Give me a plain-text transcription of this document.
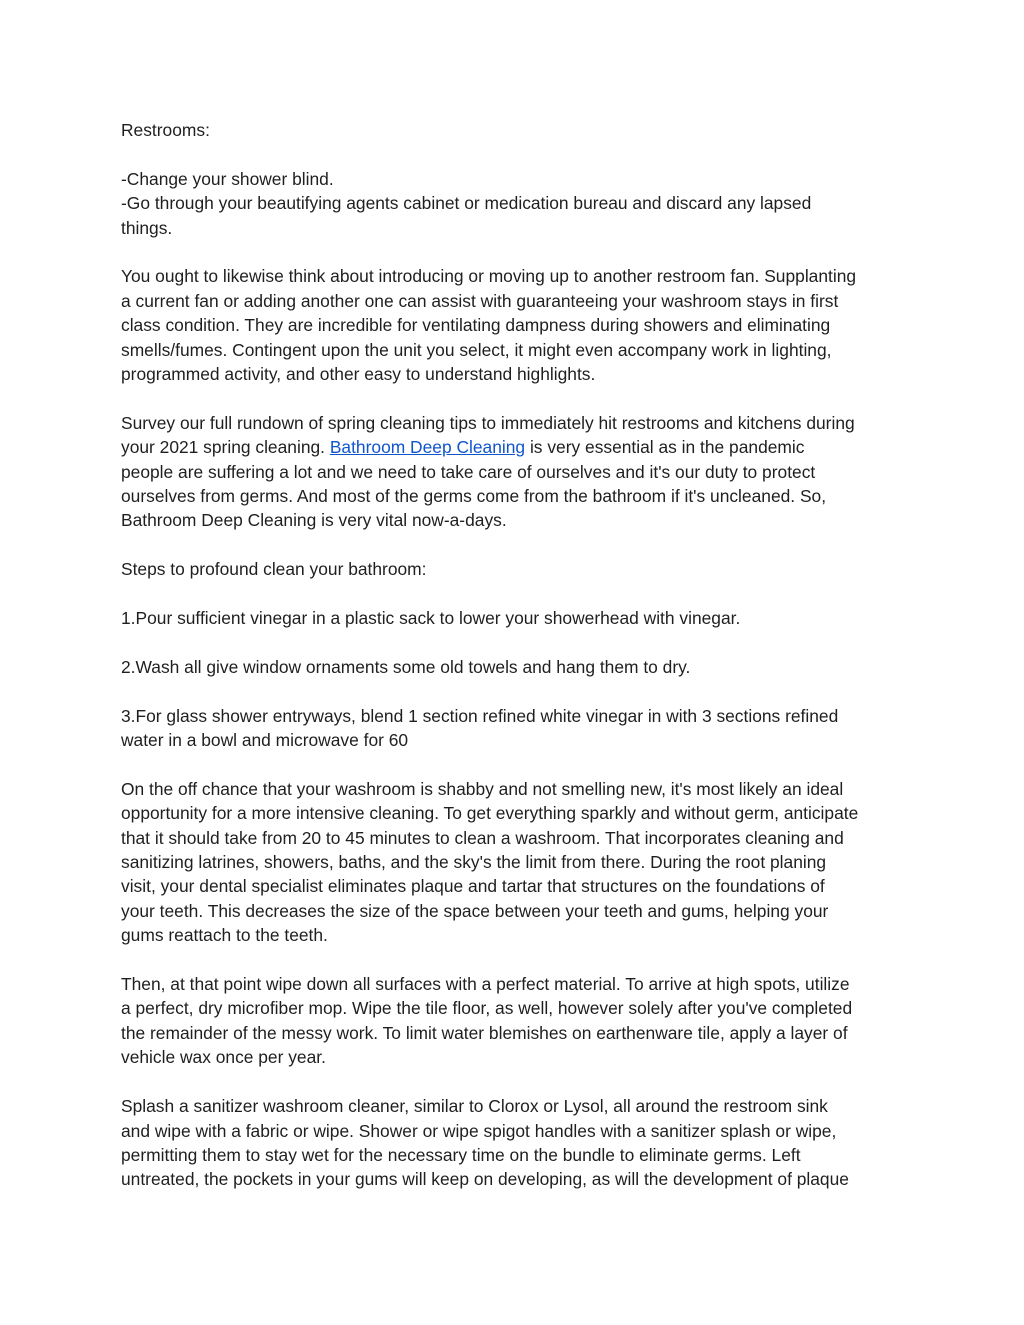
Restrooms:

-Change your shower blind.
-Go through your beautifying agents cabinet or medication bureau and discard any lapsed
things.

You ought to likewise think about introducing or moving up to another restroom fan. Supplanting
a current fan or adding another one can assist with guaranteeing your washroom stays in first
class condition. They are incredible for ventilating dampness during showers and eliminating
smells/fumes. Contingent upon the unit you select, it might even accompany work in lighting,
programmed activity, and other easy to understand highlights.

Survey our full rundown of spring cleaning tips to immediately hit restrooms and kitchens during
your 2021 spring cleaning. Bathroom Deep Cleaning is very essential as in the pandemic
people are suffering a lot and we need to take care of ourselves and it's our duty to protect
ourselves from germs. And most of the germs come from the bathroom if it's uncleaned. So,
Bathroom Deep Cleaning is very vital now-a-days.

Steps to profound clean your bathroom:

1.Pour sufficient vinegar in a plastic sack to lower your showerhead with vinegar.

2.Wash all give window ornaments some old towels and hang them to dry.

3.For glass shower entryways, blend 1 section refined white vinegar in with 3 sections refined
water in a bowl and microwave for 60

On the off chance that your washroom is shabby and not smelling new, it's most likely an ideal
opportunity for a more intensive cleaning. To get everything sparkly and without germ, anticipate
that it should take from 20 to 45 minutes to clean a washroom. That incorporates cleaning and
sanitizing latrines, showers, baths, and the sky's the limit from there. During the root planing
visit, your dental specialist eliminates plaque and tartar that structures on the foundations of
your teeth. This decreases the size of the space between your teeth and gums, helping your
gums reattach to the teeth.

Then, at that point wipe down all surfaces with a perfect material. To arrive at high spots, utilize
a perfect, dry microfiber mop. Wipe the tile floor, as well, however solely after you've completed
the remainder of the messy work. To limit water blemishes on earthenware tile, apply a layer of
vehicle wax once per year.

Splash a sanitizer washroom cleaner, similar to Clorox or Lysol, all around the restroom sink
and wipe with a fabric or wipe. Shower or wipe spigot handles with a sanitizer splash or wipe,
permitting them to stay wet for the necessary time on the bundle to eliminate germs. Left
untreated, the pockets in your gums will keep on developing, as will the development of plaque
